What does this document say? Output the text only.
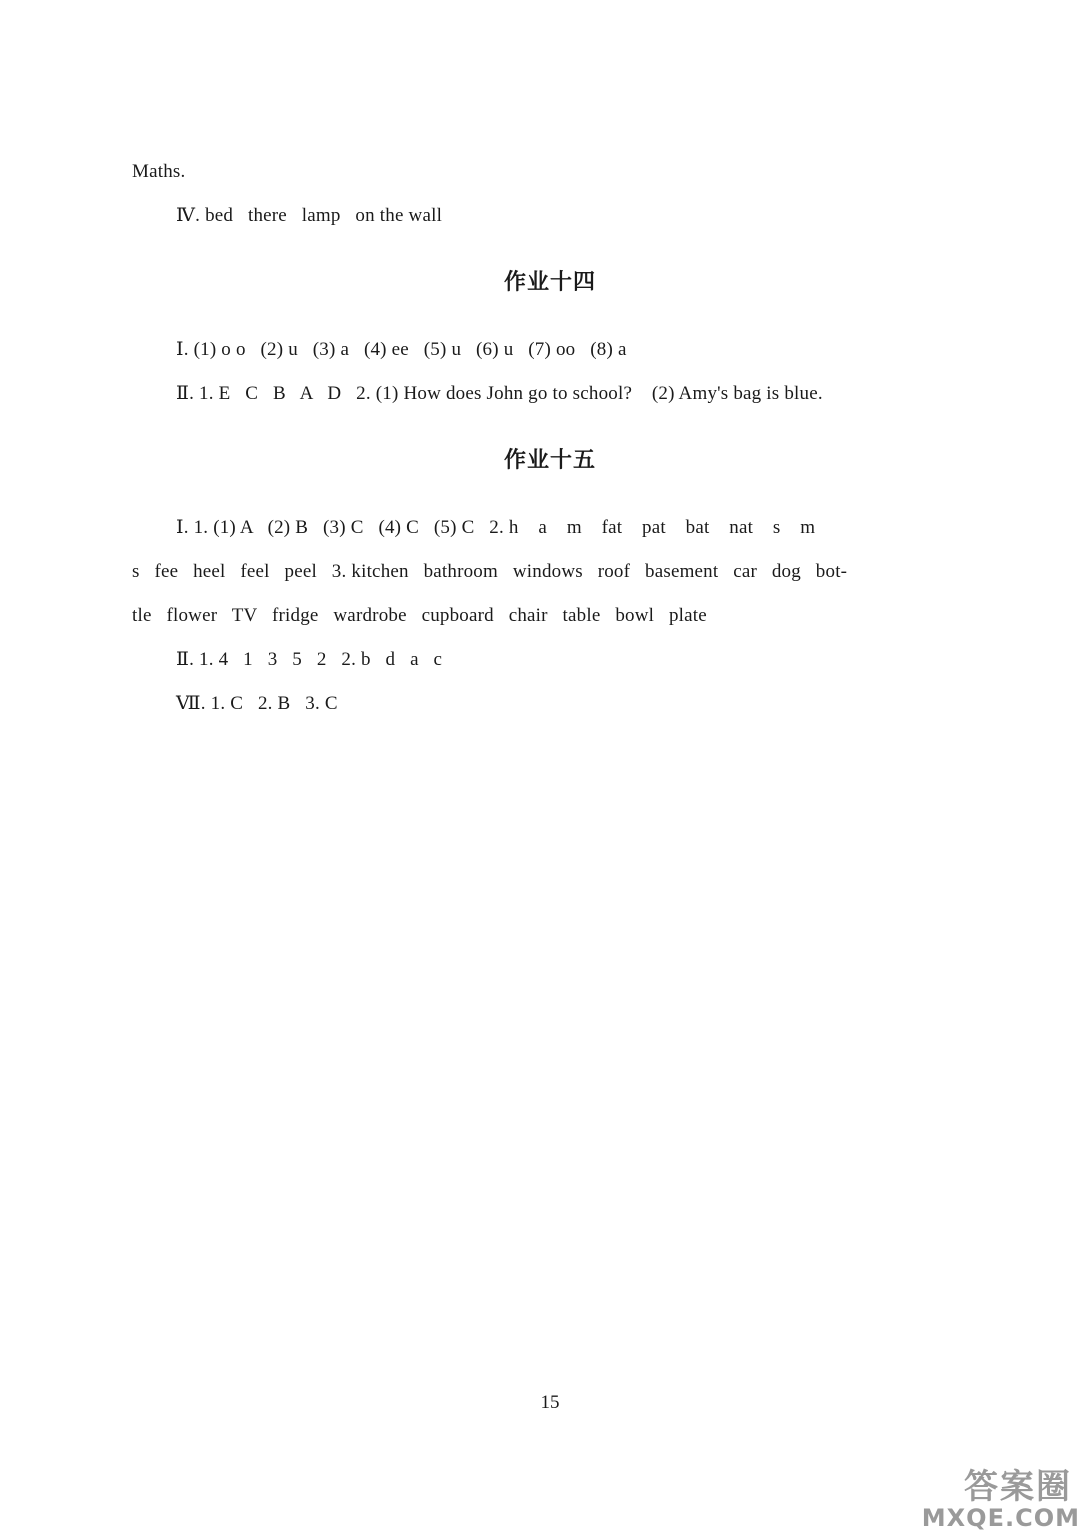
Maths.
Ⅳ. bed   there   lamp   on the wall
作业十四
Ⅰ. (1) o o   (2) u   (3) a   (4) ee   (5) u   (6) u   (7) oo   (8) a
Ⅱ. 1. E   C   B   A   D   2. (1) How does John go to school?    (2) Amy's bag is blue.
作业十五
Ⅰ. 1. (1) A   (2) B   (3) C   (4) C   (5) C   2. h    a    m    fat    pat    bat    nat    s    m
s   fee   heel   feel   peel   3. kitchen   bathroom   windows   roof   basement   car   dog   bot-
tle   flower   TV   fridge   wardrobe   cupboard   chair   table   bowl   plate
Ⅱ. 1. 4   1   3   5   2   2. b   d   a   c
Ⅶ. 1. C   2. B   3. C
15
答案圈
MXQE.COM
